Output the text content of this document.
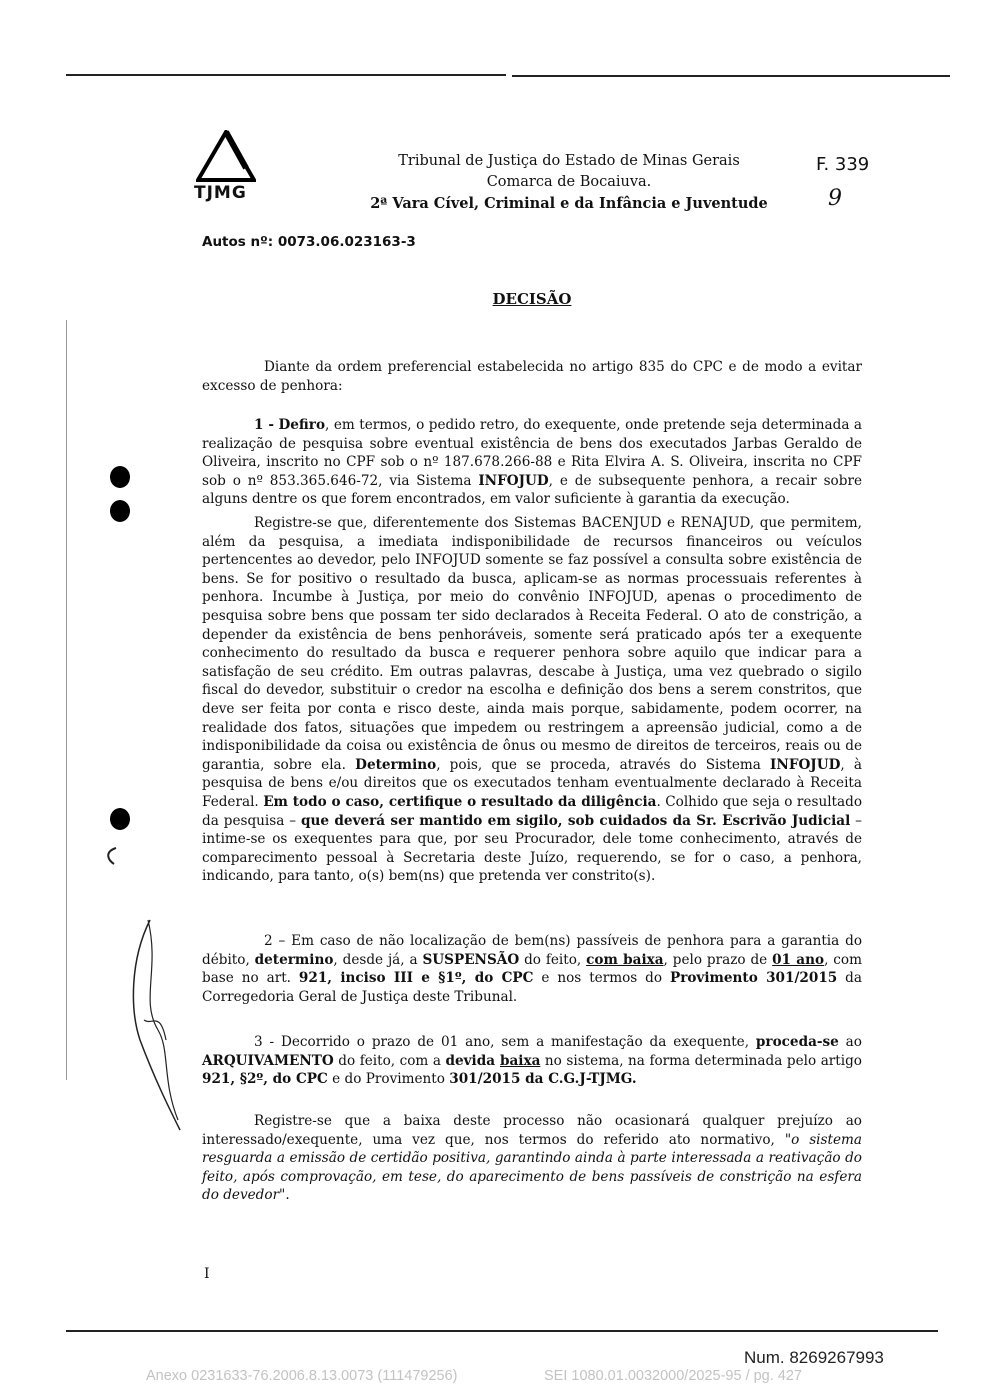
TJMG
Tribunal de Justiça do Estado de Minas Gerais
Comarca de Bocaiuva.
2ª Vara Cível, Criminal e da Infância e Juventude
F. 339
9
Autos nº: 0073.06.023163-3
DECISÃO
Diante da ordem preferencial estabelecida no artigo 835 do CPC e de modo a evitar excesso de penhora:
1 - Defiro, em termos, o pedido retro, do exequente, onde pretende seja determinada a realização de pesquisa sobre eventual existência de bens dos executados Jarbas Geraldo de Oliveira, inscrito no CPF sob o nº 187.678.266-88 e Rita Elvira A. S. Oliveira, inscrita no CPF sob o nº 853.365.646-72, via Sistema INFOJUD, e de subsequente penhora, a recair sobre alguns dentre os que forem encontrados, em valor suficiente à garantia da execução.
Registre-se que, diferentemente dos Sistemas BACENJUD e RENAJUD, que permitem, além da pesquisa, a imediata indisponibilidade de recursos financeiros ou veículos pertencentes ao devedor, pelo INFOJUD somente se faz possível a consulta sobre existência de bens. Se for positivo o resultado da busca, aplicam-se as normas processuais referentes à penhora. Incumbe à Justiça, por meio do convênio INFOJUD, apenas o procedimento de pesquisa sobre bens que possam ter sido declarados à Receita Federal. O ato de constrição, a depender da existência de bens penhoráveis, somente será praticado após ter a exequente conhecimento do resultado da busca e requerer penhora sobre aquilo que indicar para a satisfação de seu crédito. Em outras palavras, descabe à Justiça, uma vez quebrado o sigilo fiscal do devedor, substituir o credor na escolha e definição dos bens a serem constritos, que deve ser feita por conta e risco deste, ainda mais porque, sabidamente, podem ocorrer, na realidade dos fatos, situações que impedem ou restringem a apreensão judicial, como a de indisponibilidade da coisa ou existência de ônus ou mesmo de direitos de terceiros, reais ou de garantia, sobre ela. Determino, pois, que se proceda, através do Sistema INFOJUD, à pesquisa de bens e/ou direitos que os executados tenham eventualmente declarado à Receita Federal. Em todo o caso, certifique o resultado da diligência. Colhido que seja o resultado da pesquisa – que deverá ser mantido em sigilo, sob cuidados da Sr. Escrivão Judicial – intime-se os exequentes para que, por seu Procurador, dele tome conhecimento, através de comparecimento pessoal à Secretaria deste Juízo, requerendo, se for o caso, a penhora, indicando, para tanto, o(s) bem(ns) que pretenda ver constrito(s).
2 – Em caso de não localização de bem(ns) passíveis de penhora para a garantia do débito, determino, desde já, a SUSPENSÃO do feito, com baixa, pelo prazo de 01 ano, com base no art. 921, inciso III e §1º, do CPC e nos termos do Provimento 301/2015 da Corregedoria Geral de Justiça deste Tribunal.
3 - Decorrido o prazo de 01 ano, sem a manifestação da exequente, proceda-se ao ARQUIVAMENTO do feito, com a devida baixa no sistema, na forma determinada pelo artigo 921, §2º, do CPC e do Provimento 301/2015 da C.G.J-TJMG.
Registre-se que a baixa deste processo não ocasionará qualquer prejuízo ao interessado/exequente, uma vez que, nos termos do referido ato normativo, "o sistema resguarda a emissão de certidão positiva, garantindo ainda à parte interessada a reativação do feito, após comprovação, em tese, do aparecimento de bens passíveis de constrição na esfera do devedor".
I
Num. 8269267993
Anexo 0231633-76.2006.8.13.0073 (111479256)	SEI 1080.01.0032000/2025-95 / pg. 427
